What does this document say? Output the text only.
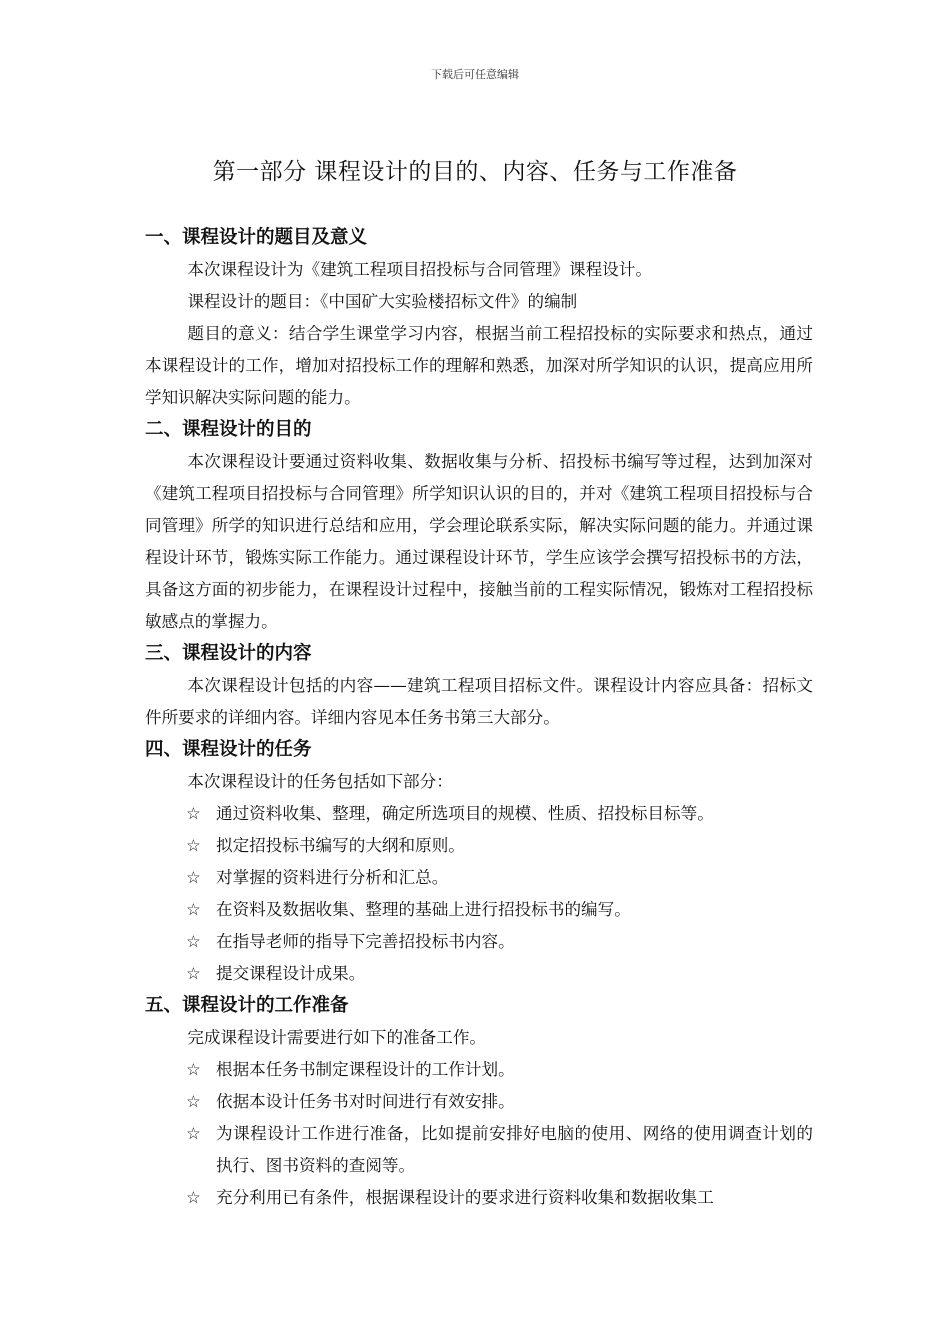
下载后可任意编辑
第一部分 课程设计的目的、内容、任务与工作准备
一、课程设计的题目及意义

本次课程设计为《建筑工程项目招投标与合同管理》课程设计。

课程设计的题目：《中国矿大实验楼招标文件》的编制

题目的意义：结合学生课堂学习内容，根据当前工程招投标的实际要求和热点，通过本课程设计的工作，增加对招投标工作的理解和熟悉，加深对所学知识的认识，提高应用所学知识解决实际问题的能力。

二、课程设计的目的

本次课程设计要通过资料收集、数据收集与分析、招投标书编写等过程，达到加深对《建筑工程项目招投标与合同管理》所学知识认识的目的，并对《建筑工程项目招投标与合同管理》所学的知识进行总结和应用，学会理论联系实际，解决实际问题的能力。并通过课程设计环节，锻炼实际工作能力。通过课程设计环节，学生应该学会撰写招投标书的方法，具备这方面的初步能力，在课程设计过程中，接触当前的工程实际情况，锻炼对工程招投标敏感点的掌握力。

三、课程设计的内容

本次课程设计包括的内容——建筑工程项目招标文件。课程设计内容应具备：招标文件所要求的详细内容。详细内容见本任务书第三大部分。

四、课程设计的任务

本次课程设计的任务包括如下部分：

☆ 通过资料收集、整理，确定所选项目的规模、性质、招投标目标等。
☆ 拟定招投标书编写的大纲和原则。
☆ 对掌握的资料进行分析和汇总。
☆ 在资料及数据收集、整理的基础上进行招投标书的编写。
☆ 在指导老师的指导下完善招投标书内容。
☆ 提交课程设计成果。
五、课程设计的工作准备

完成课程设计需要进行如下的准备工作。

☆ 根据本任务书制定课程设计的工作计划。
☆ 依据本设计任务书对时间进行有效安排。
☆ 为课程设计工作进行准备，比如提前安排好电脑的使用、网络的使用调查计划的执行、图书资料的查阅等。
☆ 充分利用已有条件，根据课程设计的要求进行资料收集和数据收集工
